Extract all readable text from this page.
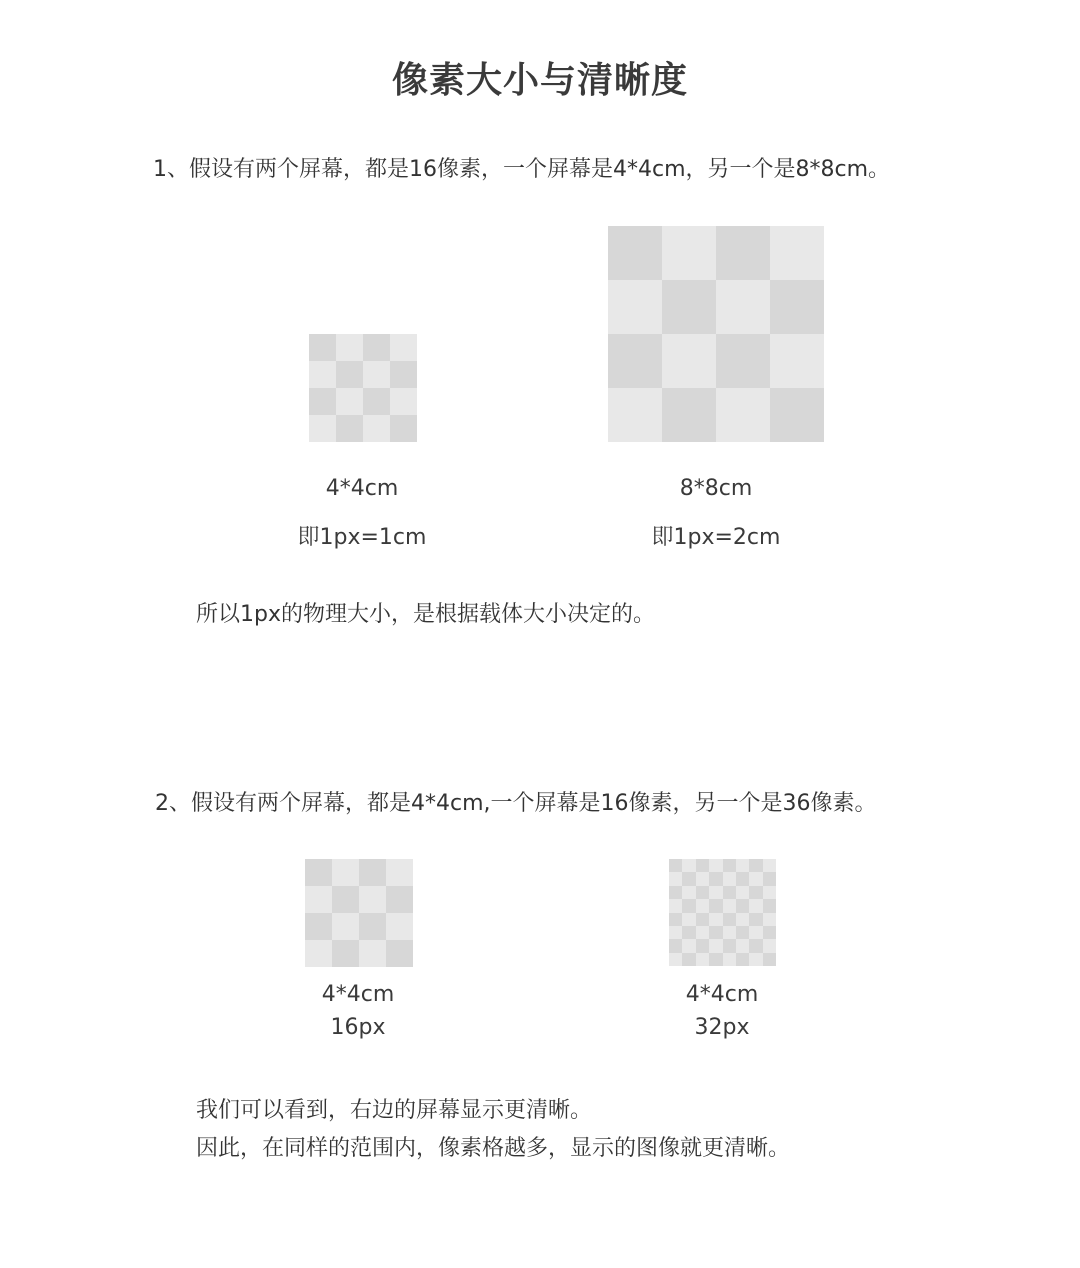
像素大小与清晰度
1、假设有两个屏幕，都是16像素，一个屏幕是4*4cm，另一个是8*8cm。
4*4cm
即1px=1cm
8*8cm
即1px=2cm
所以1px的物理大小，是根据载体大小决定的。
2、假设有两个屏幕，都是4*4cm,一个屏幕是16像素，另一个是36像素。
4*4cm
16px
4*4cm
32px
我们可以看到，右边的屏幕显示更清晰。
因此，在同样的范围内，像素格越多，显示的图像就更清晰。
